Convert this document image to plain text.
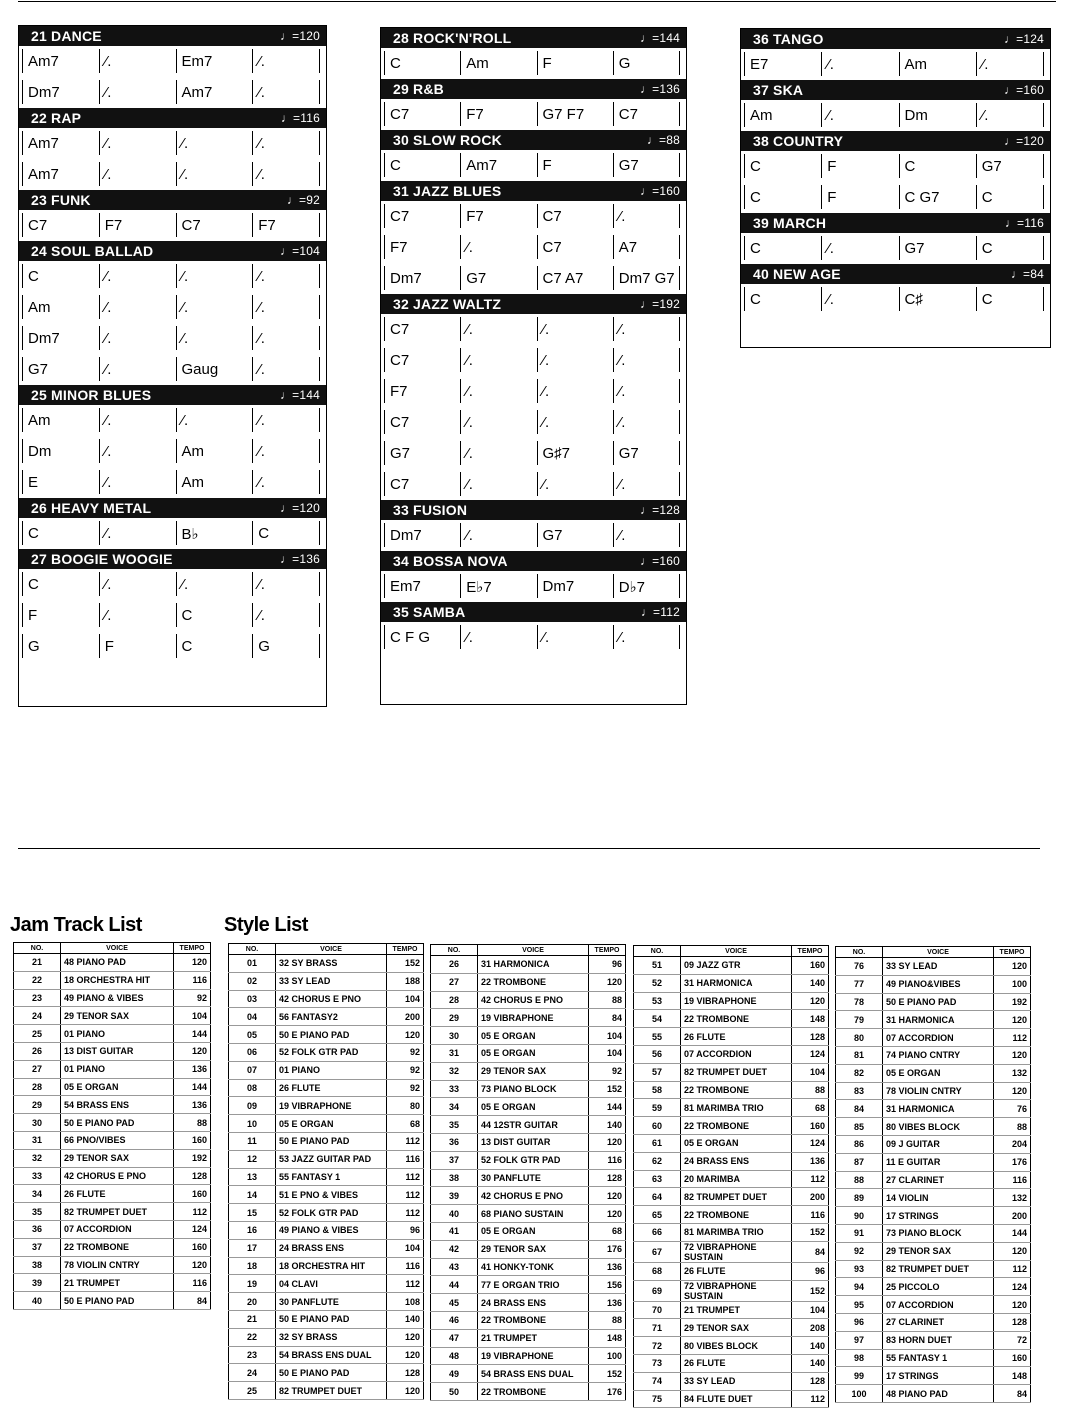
21 DANCE	♩=120
Am7	⁄.	Em7	⁄.
Dm7	⁄.	Am7	⁄.
22 RAP	♩=116
Am7	⁄.	⁄.	⁄.
Am7	⁄.	⁄.	⁄.
23 FUNK	♩=92
C7	F7	C7	F7
24 SOUL BALLAD	♩=104
C	⁄.	⁄.	⁄.
Am	⁄.	⁄.	⁄.
Dm7	⁄.	⁄.	⁄.
G7	⁄.	Gaug	⁄.
25 MINOR BLUES	♩=144
Am	⁄.	⁄.	⁄.
Dm	⁄.	Am	⁄.
E	⁄.	Am	⁄.
26 HEAVY METAL	♩=120
C	⁄.	B♭	C
27 BOOGIE WOOGIE	♩=136
C	⁄.	⁄.	⁄.
F	⁄.	C	⁄.
G	F	C	G
28 ROCK'N'ROLL	♩=144
C	Am	F	G
29 R&B	♩=136
C7	F7	G7 F7	C7
30 SLOW ROCK	♩=88
C	Am7	F	G7
31 JAZZ BLUES	♩=160
C7	F7	C7	⁄.
F7	⁄.	C7	A7
Dm7	G7	C7 A7	Dm7 G7
32 JAZZ WALTZ	♩=192
C7	⁄.	⁄.	⁄.
C7	⁄.	⁄.	⁄.
F7	⁄.	⁄.	⁄.
C7	⁄.	⁄.	⁄.
G7	⁄.	G♯7	G7
C7	⁄.	⁄.	⁄.
33 FUSION	♩=128
Dm7	⁄.	G7	⁄.
34 BOSSA NOVA	♩=160
Em7	E♭7	Dm7	D♭7
35 SAMBA	♩=112
C F G	⁄.	⁄.	⁄.
36 TANGO	♩=124
E7	⁄.	Am	⁄.
37 SKA	♩=160
Am	⁄.	Dm	⁄.
38 COUNTRY	♩=120
C	F	C	G7
C	F	C G7	C
39 MARCH	♩=116
C	⁄.	G7	C
40 NEW AGE	♩=84
C	⁄.	C♯	C
Jam Track List	Style List
NO.	VOICE	TEMPO
21	48 PIANO PAD	120
22	18 ORCHESTRA HIT	116
23	49 PIANO & VIBES	92
24	29 TENOR SAX	104
25	01 PIANO	144
26	13 DIST GUITAR	120
27	01 PIANO	136
28	05 E ORGAN	144
29	54 BRASS ENS	136
30	50 E PIANO PAD	88
31	66 PNO/VIBES	160
32	29 TENOR SAX	192
33	42 CHORUS E PNO	128
34	26 FLUTE	160
35	82 TRUMPET DUET	112
36	07 ACCORDION	124
37	22 TROMBONE	160
38	78 VIOLIN CNTRY	120
39	21 TRUMPET	116
40	50 E PIANO PAD	84
NO.	VOICE	TEMPO
01	32 SY BRASS	152
02	33 SY LEAD	188
03	42 CHORUS E PNO	104
04	56 FANTASY2	200
05	50 E PIANO PAD	120
06	52 FOLK GTR PAD	92
07	01 PIANO	92
08	26 FLUTE	92
09	19 VIBRAPHONE	80
10	05 E ORGAN	68
11	50 E PIANO PAD	112
12	53 JAZZ GUITAR PAD	116
13	55 FANTASY 1	112
14	51 E PNO & VIBES	112
15	52 FOLK GTR PAD	112
16	49 PIANO & VIBES	96
17	24 BRASS ENS	104
18	18 ORCHESTRA HIT	116
19	04 CLAVI	112
20	30 PANFLUTE	108
21	50 E PIANO PAD	140
22	32 SY BRASS	120
23	54 BRASS ENS DUAL	120
24	50 E PIANO PAD	128
25	82 TRUMPET DUET	120
NO.	VOICE	TEMPO
26	31 HARMONICA	96
27	22 TROMBONE	120
28	42 CHORUS E PNO	88
29	19 VIBRAPHONE	84
30	05 E ORGAN	104
31	05 E ORGAN	104
32	29 TENOR SAX	92
33	73 PIANO BLOCK	152
34	05 E ORGAN	144
35	44 12STR GUITAR	140
36	13 DIST GUITAR	120
37	52 FOLK GTR PAD	116
38	30 PANFLUTE	128
39	42 CHORUS E PNO	120
40	68 PIANO SUSTAIN	120
41	05 E ORGAN	68
42	29 TENOR SAX	176
43	41 HONKY-TONK	136
44	77 E ORGAN TRIO	156
45	24 BRASS ENS	136
46	22 TROMBONE	88
47	21 TRUMPET	148
48	19 VIBRAPHONE	100
49	54 BRASS ENS DUAL	152
50	22 TROMBONE	176
NO.	VOICE	TEMPO
51	09 JAZZ GTR	160
52	31 HARMONICA	140
53	19 VIBRAPHONE	120
54	22 TROMBONE	148
55	26 FLUTE	128
56	07 ACCORDION	124
57	82 TRUMPET DUET	104
58	22 TROMBONE	88
59	81 MARIMBA TRIO	68
60	22 TROMBONE	160
61	05 E ORGAN	124
62	24 BRASS ENS	136
63	20 MARIMBA	112
64	82 TRUMPET DUET	200
65	22 TROMBONE	116
66	81 MARIMBA TRIO	152
67	72 VIBRAPHONE SUSTAIN	84
68	26 FLUTE	96
69	72 VIBRAPHONE SUSTAIN	152
70	21 TRUMPET	104
71	29 TENOR SAX	208
72	80 VIBES BLOCK	140
73	26 FLUTE	140
74	33 SY LEAD	128
75	84 FLUTE DUET	112
NO.	VOICE	TEMPO
76	33 SY LEAD	120
77	49 PIANO&VIBES	100
78	50 E PIANO PAD	192
79	31 HARMONICA	120
80	07 ACCORDION	112
81	74 PIANO CNTRY	120
82	05 E ORGAN	132
83	78 VIOLIN CNTRY	120
84	31 HARMONICA	76
85	80 VIBES BLOCK	88
86	09 J GUITAR	204
87	11 E GUITAR	176
88	27 CLARINET	116
89	14 VIOLIN	132
90	17 STRINGS	200
91	73 PIANO BLOCK	144
92	29 TENOR SAX	120
93	82 TRUMPET DUET	112
94	25 PICCOLO	124
95	07 ACCORDION	120
96	27 CLARINET	128
97	83 HORN DUET	72
98	55 FANTASY 1	160
99	17 STRINGS	148
100	48 PIANO PAD	84
